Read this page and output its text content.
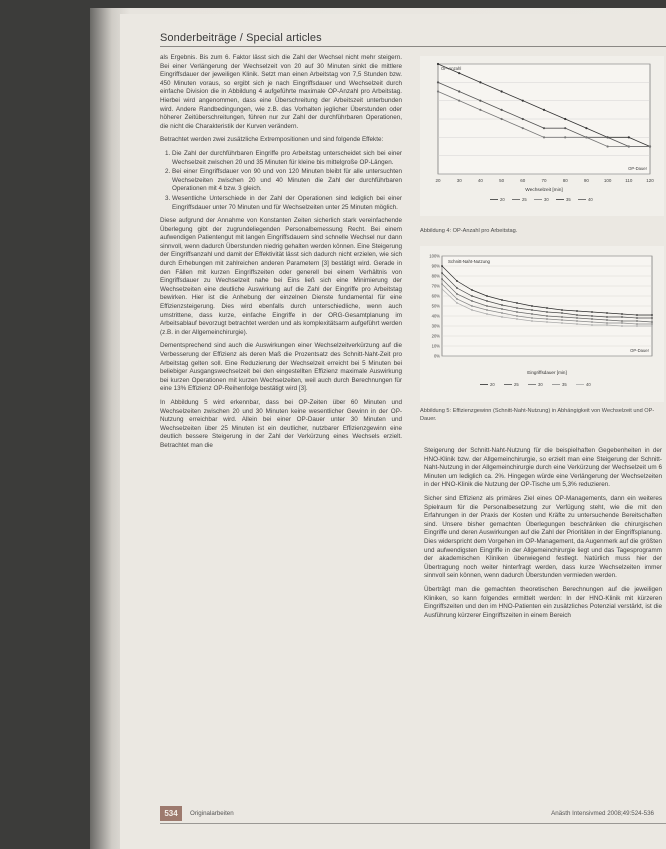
Sonderbeiträge / Special articles

als Ergebnis. Bis zum 6. Faktor lässt sich die Zahl der Wechsel nicht mehr steigern. Bei einer Verlängerung der Wechselzeit von 20 auf 30 Minuten sinkt die mittlere Eingriffsdauer der jeweiligen Klinik. Setzt man einen Arbeitstag von 7,5 Stunden bzw. 450 Minuten voraus, so ergibt sich je nach Eingriffsdauer und Wechselzeit durch einfache Division die in Abbildung 4 aufgeführte maximale OP-Anzahl pro Arbeitstag. Hierbei wird angenommen, dass eine Überschreitung der Arbeitszeit unterbunden wird. Andere Randbedingungen, wie z.B. das Vorhalten jeglicher Überstunden oder höherer Zeitüberschreitungen, führen nur zur Zahl der durchführbaren Operationen, die nicht die Charakteristik der Kurven verändern.

Betrachtet werden zwei zusätzliche Extrempositionen und sind folgende Effekte:

1. Die Zahl der durchführbaren Eingriffe pro Arbeitstag unterscheidet sich bei einer Wechselzeit zwischen 20 und 35 Minuten für kleine bis mittelgroße OP-Längen.
2. Bei einer Eingriffsdauer von 90 und von 120 Minuten bleibt für alle untersuchten Wechselzeiten zwischen 20 und 40 Minuten die Zahl der durchführbaren Operationen mit 4 bzw. 3 gleich.
3. Wesentliche Unterschiede in der Zahl der Operationen sind lediglich bei einer Eingriffsdauer unter 70 Minuten und für Wechselzeiten unter 25 Minuten möglich.

Diese aufgrund der Annahme von Konstanten Zeiten sicherlich stark vereinfachende Überlegung gibt der zugrundeliegenden Personalbemessung Recht. Bei einem aufwendigen Patientengut mit langen Eingriffsdauern sind schnelle Wechsel nur dann sinnvoll, wenn dadurch Überstunden niedrig gehalten werden können. Eine Steigerung der Eingriffsanzahl und damit der Effektivität lässt sich dadurch nicht erzielen, wie sich durch Erhebungen mit zahlreichen anderen Parametern [3] bestätigt wird. Gerade in den Fällen mit kurzen Eingriffszeiten oder generell bei einem Verhältnis von Eingriffsdauer zu Wechselzeit nahe bei Eins ließ sich eine Minimierung der Wechselzeiten eine deutliche Auswirkung auf die Zahl der Eingriffe pro Arbeitstag bewirken. Hier ist die Anhebung der einzelnen Dienste fundamental für eine Effizienzsteigerung. Dies wird ebenfalls durch unterschiedliche, wenn auch umstrittene, dass kurze, einfache Eingriffe in der ORG-Gesamtplanung im Arbeitsablauf bevorzugt betrachtet werden und als komplexitätsarm aufgeführt werden (z.B. in der Allgemeinchirurgie).

Dementsprechend sind auch die Auswirkungen einer Wechselzeitverkürzung auf die Verbesserung der Effizienz als deren Maß die Prozentsatz des Schnitt-Naht-Zeit pro Arbeitstag gelten soll. Eine Reduzierung der Wechselzeit erreicht bei 5 Minuten bei beliebiger Ausgangswechselzeit bei den eingestellten Effizienz maximale Auswirkung bei kurzen Operationen mit kurzen Wechselzeiten, weil auch durch Berechnungen für eine 13% Effizienz OP-Reihenfolge bestätigt wird [3].

In Abbildung 5 wird erkennbar, dass bei OP-Zeiten über 60 Minuten und Wechselzeiten zwischen 20 und 30 Minuten keine wesentlicher Gewinn in der OP-Nutzung erreichbar wird. Allein bei einer OP-Dauer unter 30 Minuten und Wechselzeiten über 25 Minuten ist ein deutlicher, nutzbarer Effizienzgewinn eine deutlich bessere Steigerung in der Zahl der Verkürzung eines Wechsels erzielt. Betrachtet man die

20	30	40	50	60	70	80	90	100	110	120
OP-Anzahl
OP-Dauer
Wechselzeit [min]
20	25	30	35	40
Abbildung 4: OP-Anzahl pro Arbeitstag.
100%
90%
80%
70%
60%
50%
40%
30%
20%
10%
0%
Schnitt-Naht-Nutzung
OP-Dauer
Eingriffsdauer [min]
20	25	30	35	40
Abbildung 5: Effizienzgewinn (Schnitt-Naht-Nutzung) in Abhängigkeit von Wechselzeit und OP-Dauer.

Steigerung der Schnitt-Naht-Nutzung für die beispielhaften Gegebenheiten in der HNO-Klinik bzw. der Allgemeinchirurgie, so erzielt man eine Steigerung der Schnitt-Naht-Nutzung in der Allgemeinchirurgie durch eine Verkürzung der Wechselzeit um 6 Minuten um lediglich ca. 2%. Hingegen würde eine Verlängerung der Wechselzeiten in der HNO-Klinik die Nutzung der OP-Tische um 5,3% reduzieren.

Sicher sind Effizienz als primäres Ziel eines OP-Managements, dann ein weiteres Spielraum für die Personalbesetzung zur Verfügung steht, wie die mit den Erfahrungen in der Praxis der Kosten und Kräfte zu untersuchende Bereitschaften sind. Unsere bisher gemachten Überlegungen beschränken die chirurgischen Eingriffe und deren Auswirkungen auf die Zahl der Prioritäten in der Eingriffsplanung. Dies widerspricht dem Vorgehen im OP-Management, da Augenmerk auf die größten und aufwendigsten Eingriffe in der Allgemeinchirurgie liegt und das Tagesprogramm der akademischen Kliniken überwiegend festlegt. Natürlich muss hier der Übertragung noch weiter hinterfragt werden, dass kurze Wechselzeiten immer sinnvoll sein können, wenn dadurch Überstunden vermieden werden.

Überträgt man die gemachten theoretischen Berechnungen auf die jeweiligen Kliniken, so kann folgendes ermittelt werden: In der HNO-Klinik mit kürzeren Eingriffszeiten und den im HNO-Patienten ein zusätzliches Potenzial verstärkt, ist die Ausführung kürzerer Eingriffszeiten in einem Bereich

534	Originalarbeiten	Anästh Intensivmed 2008;49:524-536
